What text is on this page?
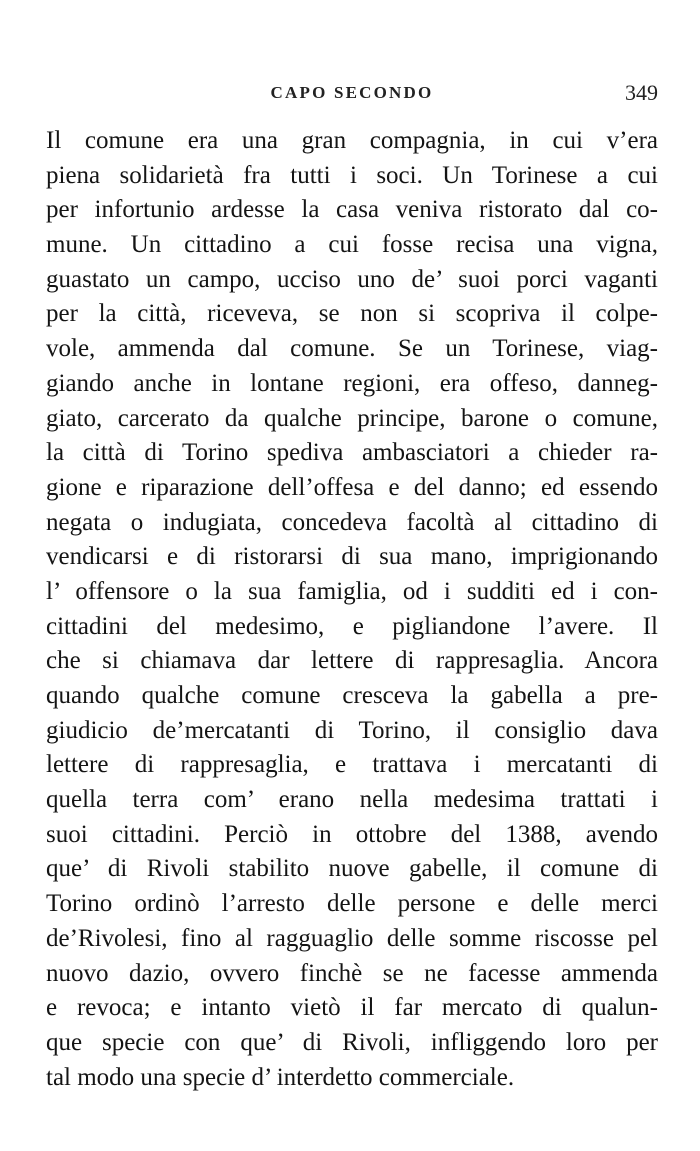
CAPO SECONDO	349
Il comune era una gran compagnia, in cui v’era
piena solidarietà fra tutti i soci. Un Torinese a cui
per infortunio ardesse la casa veniva ristorato dal co-
mune. Un cittadino a cui fosse recisa una vigna,
guastato un campo, ucciso uno de’ suoi porci vaganti
per la città, riceveva, se non si scopriva il colpe-
vole, ammenda dal comune. Se un Torinese, viag-
giando anche in lontane regioni, era offeso, danneg-
giato, carcerato da qualche principe, barone o comune,
la città di Torino spediva ambasciatori a chieder ra-
gione e riparazione dell’offesa e del danno; ed essendo
negata o indugiata, concedeva facoltà al cittadino di
vendicarsi e di ristorarsi di sua mano, imprigionando
l’ offensore o la sua famiglia, od i sudditi ed i con-
cittadini del medesimo, e pigliandone l’avere. Il
che si chiamava dar lettere di rappresaglia. Ancora
quando qualche comune cresceva la gabella a pre-
giudicio de’mercatanti di Torino, il consiglio dava
lettere di rappresaglia, e trattava i mercatanti di
quella terra com’ erano nella medesima trattati i
suoi cittadini. Perciò in ottobre del 1388, avendo
que’ di Rivoli stabilito nuove gabelle, il comune di
Torino ordinò l’arresto delle persone e delle merci
de’Rivolesi, fino al ragguaglio delle somme riscosse pel
nuovo dazio, ovvero finchè se ne facesse ammenda
e revoca; e intanto vietò il far mercato di qualun-
que specie con que’ di Rivoli, infliggendo loro per
tal modo una specie d’ interdetto commerciale.
